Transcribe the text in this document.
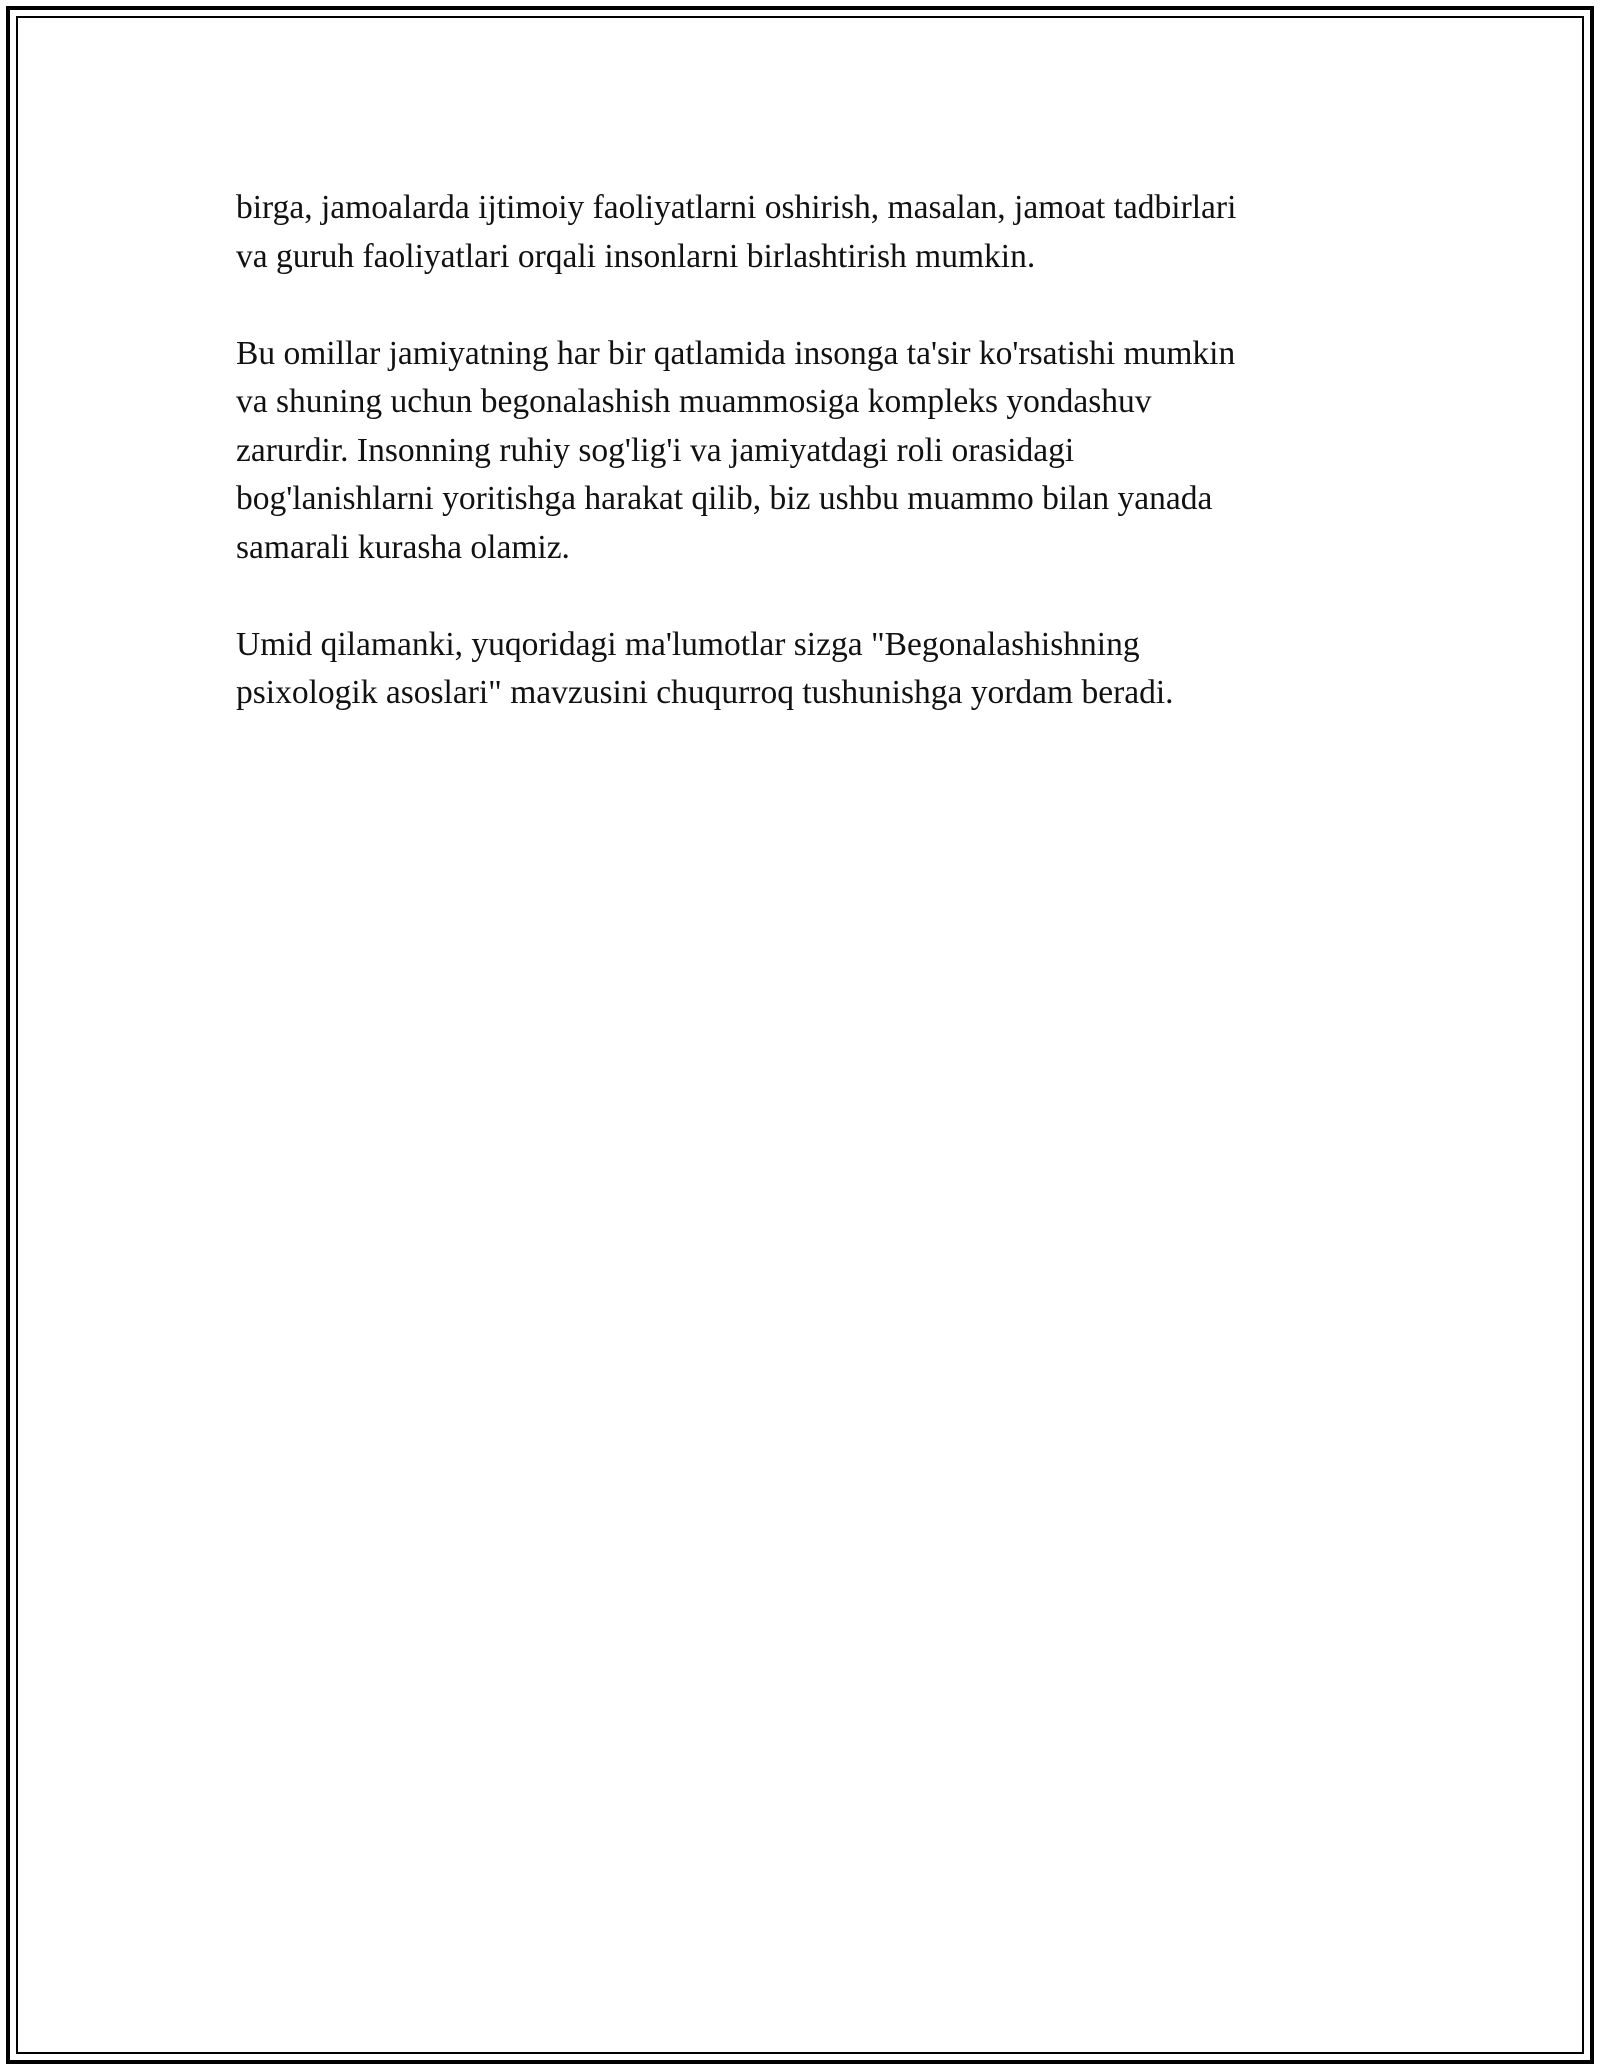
birga, jamoalarda ijtimoiy faoliyatlarni oshirish, masalan, jamoat tadbirlari
va guruh faoliyatlari orqali insonlarni birlashtirish mumkin.

Bu omillar jamiyatning har bir qatlamida insonga ta'sir ko'rsatishi mumkin
va shuning uchun begonalashish muammosiga kompleks yondashuv
zarurdir. Insonning ruhiy sog'lig'i va jamiyatdagi roli orasidagi
bog'lanishlarni yoritishga harakat qilib, biz ushbu muammo bilan yanada
samarali kurasha olamiz.

Umid qilamanki, yuqoridagi ma'lumotlar sizga "Begonalashishning
psixologik asoslari" mavzusini chuqurroq tushunishga yordam beradi.
